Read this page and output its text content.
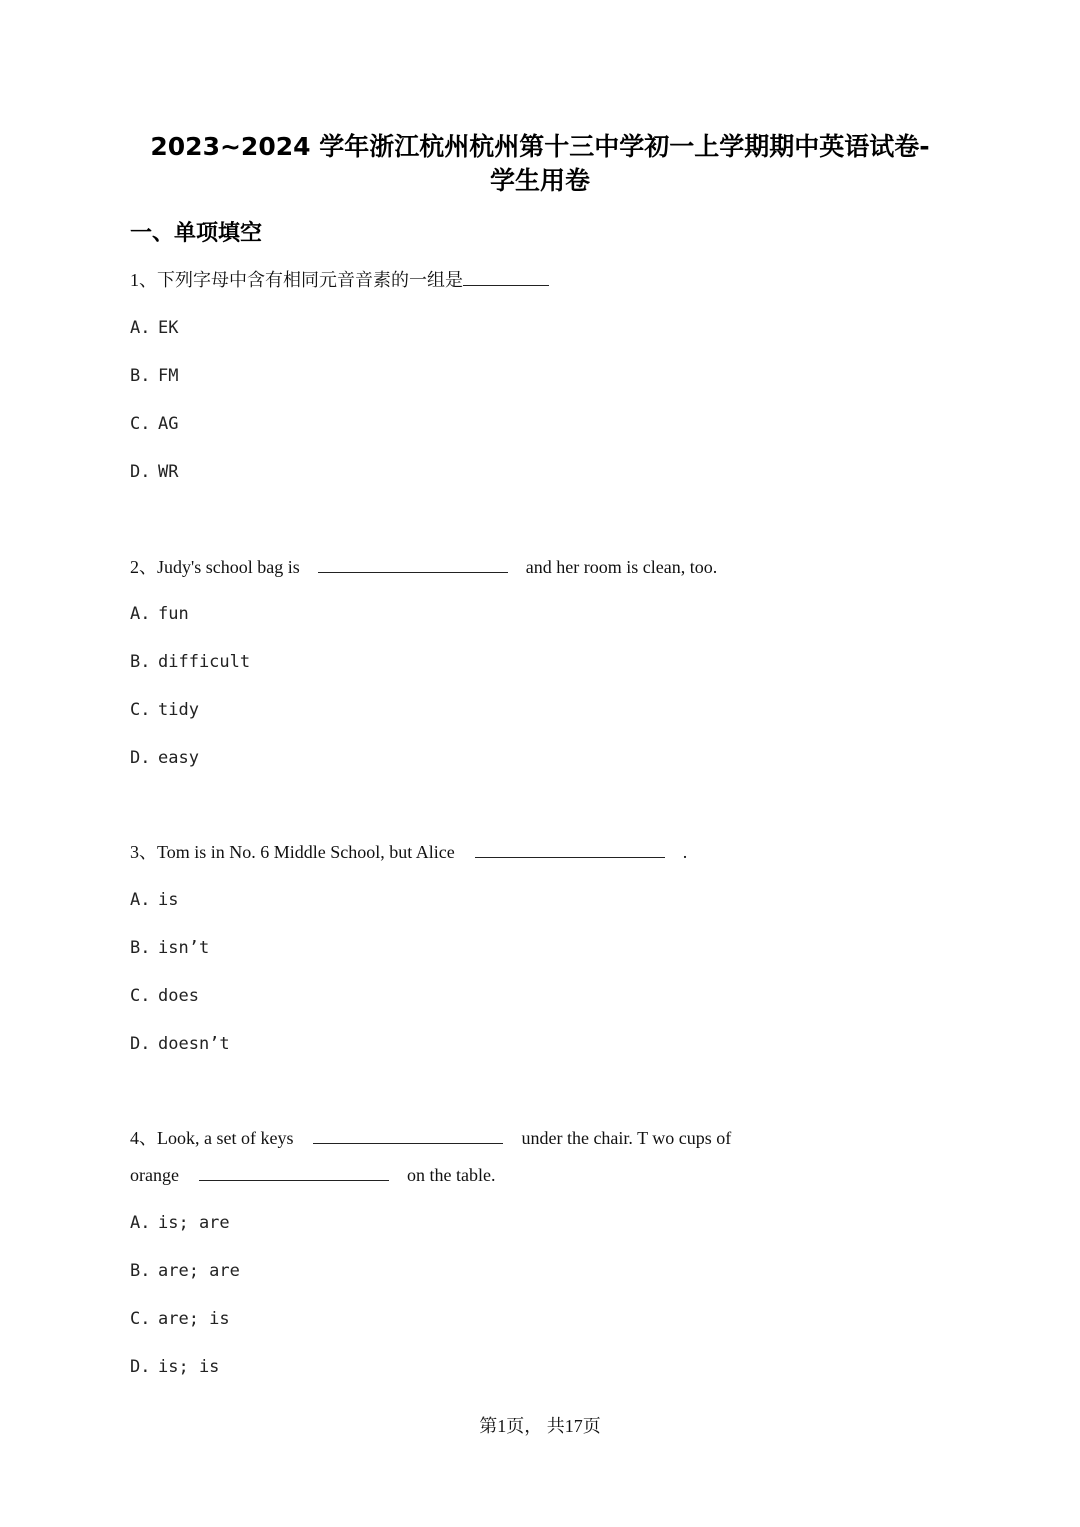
2023~2024 学年浙江杭州杭州第十三中学初一上学期期中英语试卷-
学生用卷
一、单项填空
1、下列字母中含有相同元音音素的一组是
A. EK
B. FM
C. AG
D. WR
2、Judy's school bag is	and her room is clean, too.
A. fun
B. difficult
C. tidy
D. easy
3、Tom is in No. 6 Middle School, but Alice	.
A. is
B. isn’t
C. does
D. doesn’t
4、Look, a set of keys	under the chair. T wo cups of
orange	on the table.
A. is; are
B. are; are
C. are; is
D. is; is
第1页， 共17页
